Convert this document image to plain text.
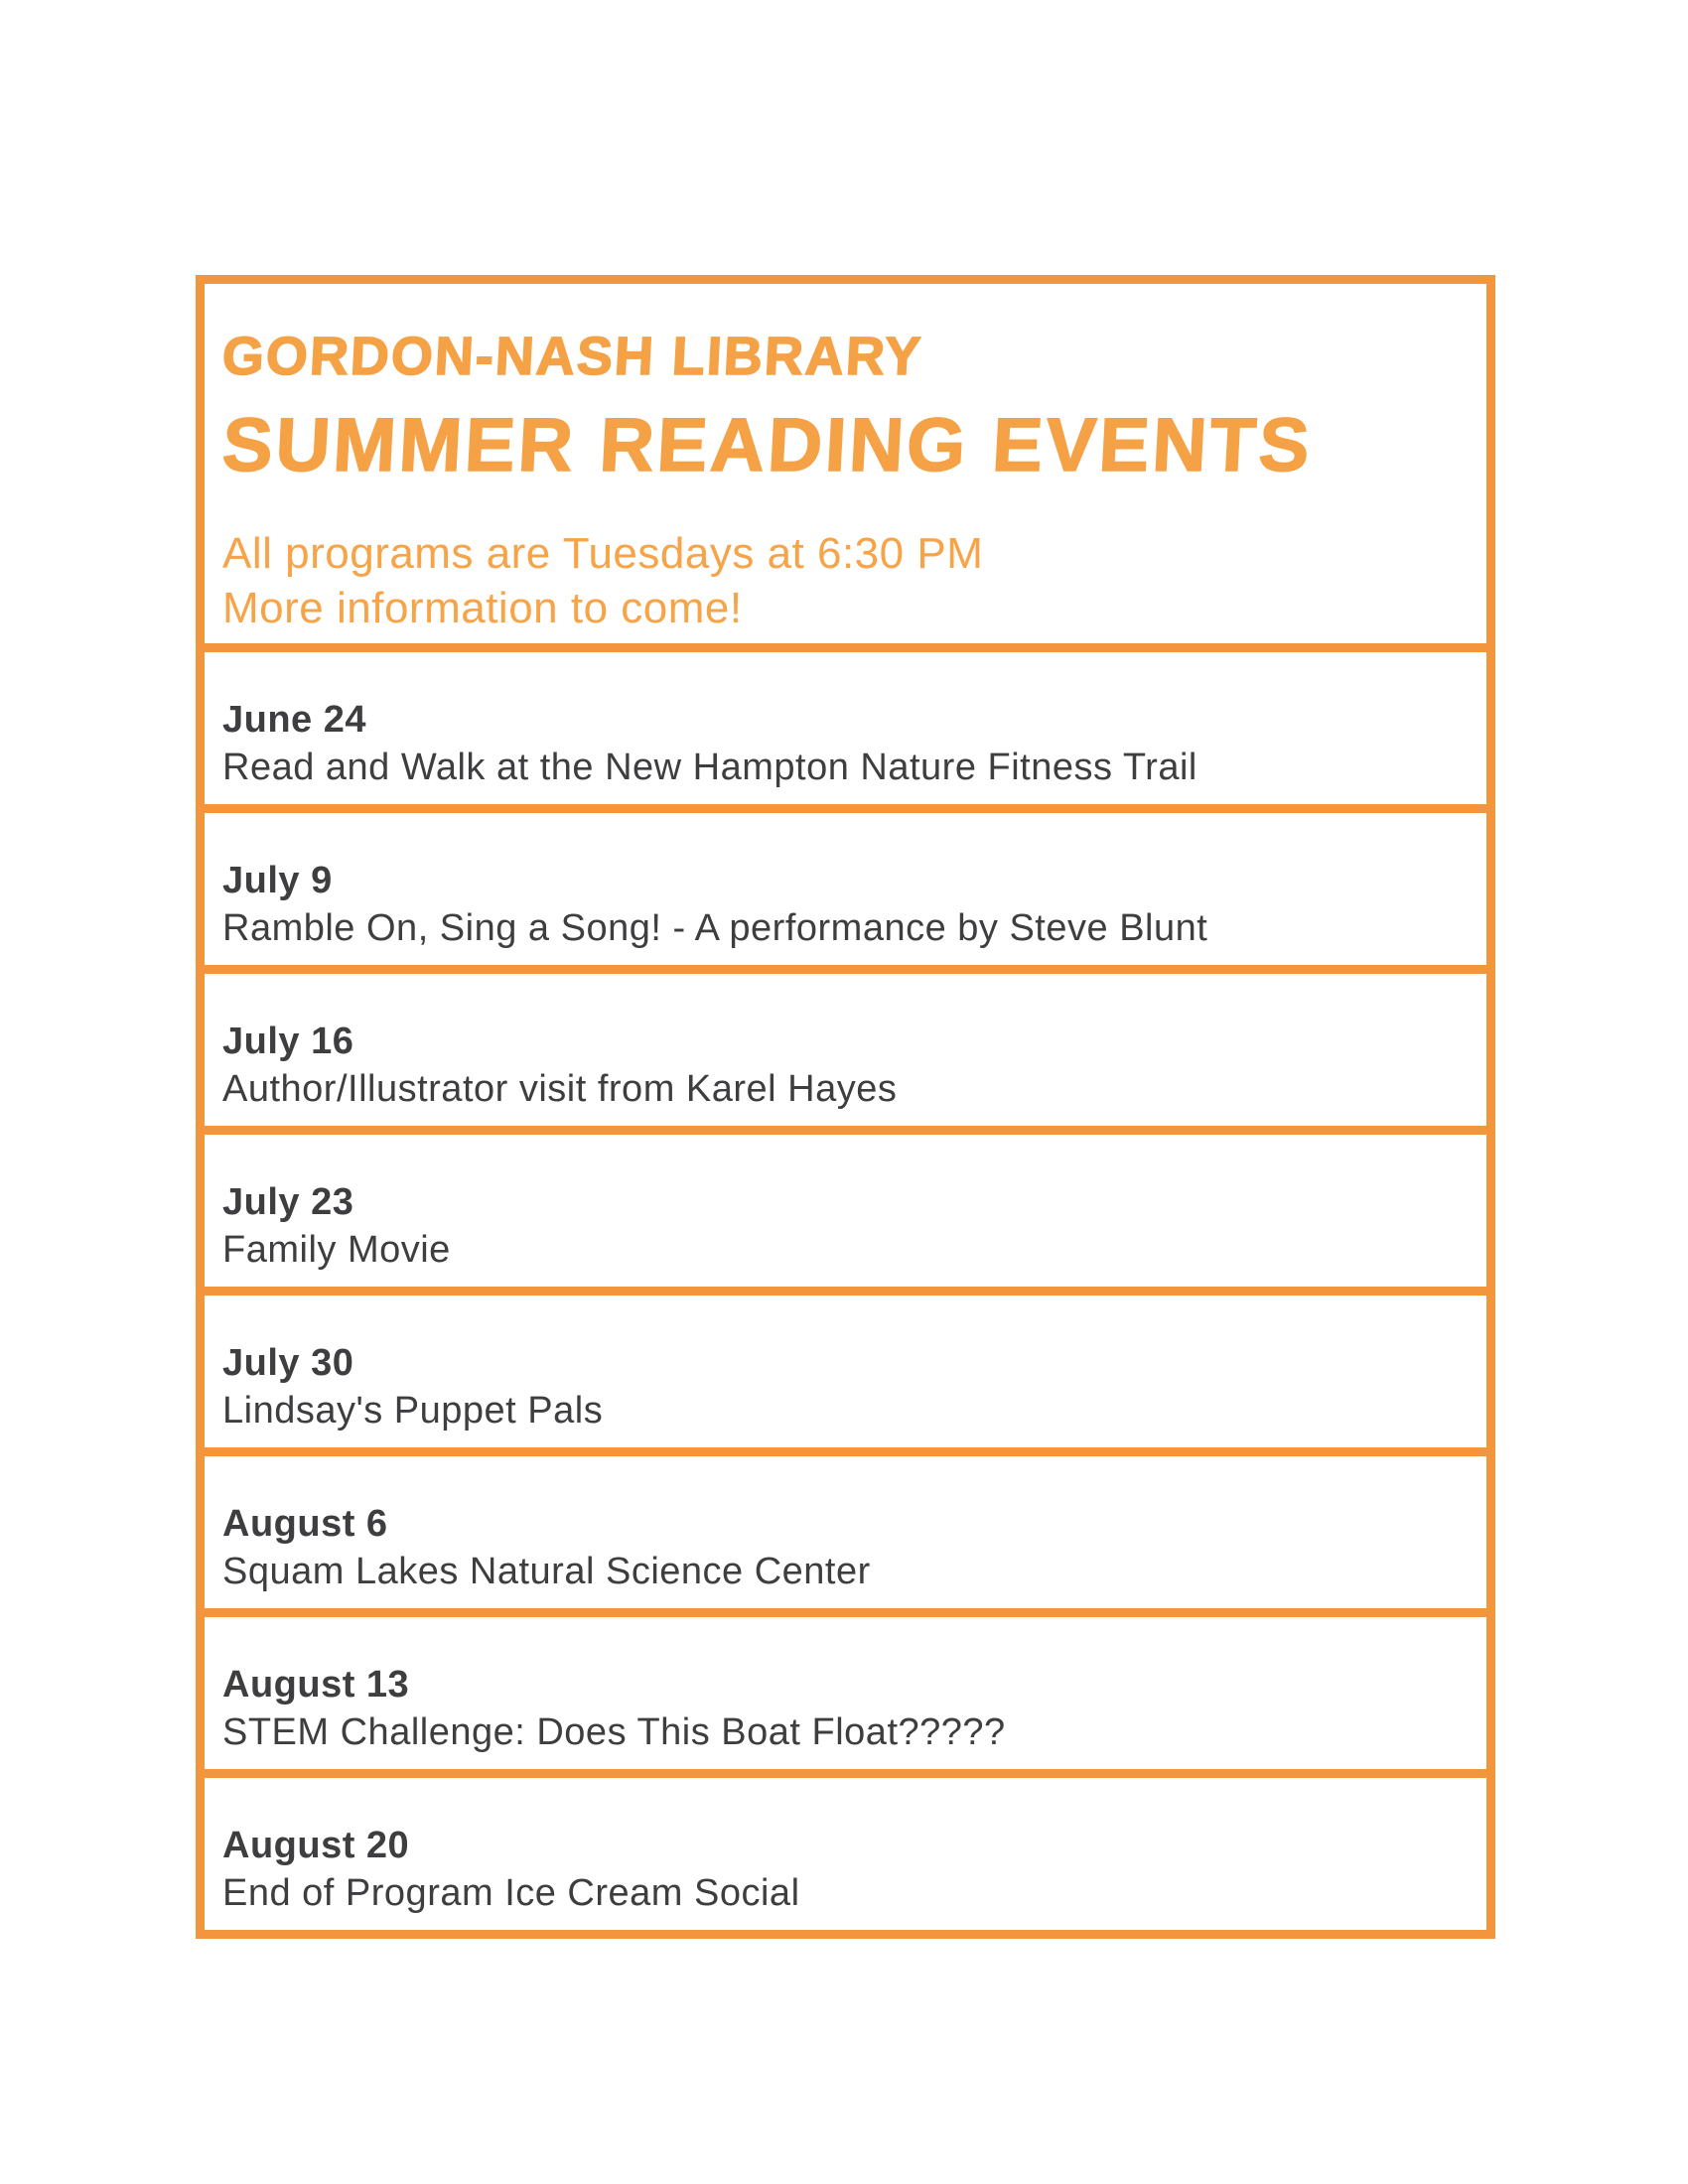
GORDON-NASH LIBRARY
SUMMER READING EVENTS
All programs are Tuesdays at 6:30 PM
More information to come!
June 24
Read and Walk at the New Hampton Nature Fitness Trail
July 9
Ramble On, Sing a Song! - A performance by Steve Blunt
July 16
Author/Illustrator visit from Karel Hayes
July 23
Family Movie
July 30
Lindsay's Puppet Pals
August 6
Squam Lakes Natural Science Center
August 13
STEM Challenge: Does This Boat Float?????
August 20
End of Program Ice Cream Social
